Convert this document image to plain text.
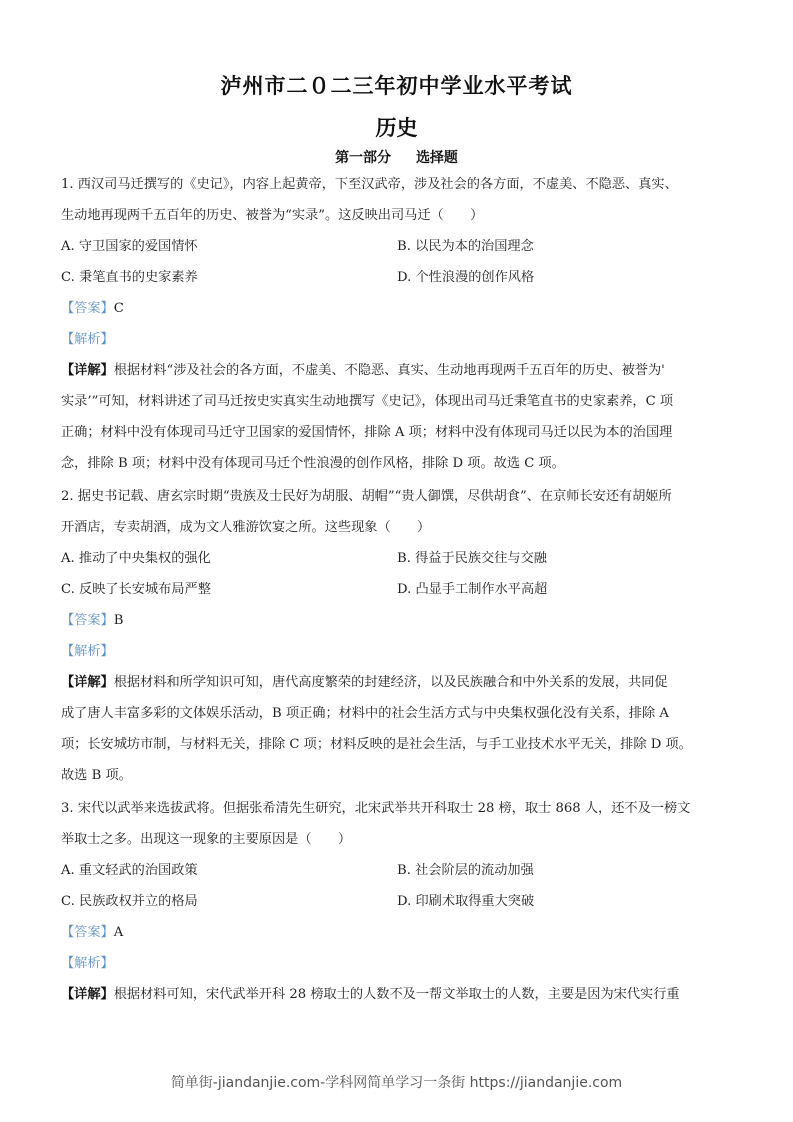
泸州市二０二三年初中学业水平考试
历史
第一部分 选择题
1. 西汉司马迁撰写的《史记》，内容上起黄帝，下至汉武帝，涉及社会的各方面，不虚美、不隐恶、真实、
生动地再现两千五百年的历史、被誉为“实录”。这反映出司马迁（　　）
A. 守卫国家的爱国情怀	B. 以民为本的治国理念
C. 秉笔直书的史家素养	D. 个性浪漫的创作风格
【答案】C
【解析】
【详解】根据材料“涉及社会的各方面，不虚美、不隐恶、真实、生动地再现两千五百年的历史、被誉为'
实录’”可知，材料讲述了司马迁按史实真实生动地撰写《史记》，体现出司马迁秉笔直书的史家素养，C 项
正确；材料中没有体现司马迁守卫国家的爱国情怀，排除 A 项；材料中没有体现司马迁以民为本的治国理
念，排除 B 项；材料中没有体现司马迁个性浪漫的创作风格，排除 D 项。故选 C 项。
2. 据史书记载、唐玄宗时期“贵族及士民好为胡服、胡帽”“贵人御馔，尽供胡食”、在京师长安还有胡姬所
开酒店，专卖胡酒，成为文人雅游饮宴之所。这些现象（　　）
A. 推动了中央集权的强化	B. 得益于民族交往与交融
C. 反映了长安城布局严整	D. 凸显手工制作水平高超
【答案】B
【解析】
【详解】根据材料和所学知识可知，唐代高度繁荣的封建经济，以及民族融合和中外关系的发展，共同促
成了唐人丰富多彩的文体娱乐活动，B 项正确；材料中的社会生活方式与中央集权强化没有关系，排除 A
项；长安城坊市制，与材料无关，排除 C 项；材料反映的是社会生活，与手工业技术水平无关，排除 D 项。
故选 B 项。
3. 宋代以武举来选拔武将。但据张希清先生研究，北宋武举共开科取士 28 榜，取士 868 人，还不及一榜文
举取士之多。出现这一现象的主要原因是（　　）
A. 重文轻武的治国政策	B. 社会阶层的流动加强
C. 民族政权并立的格局	D. 印刷术取得重大突破
【答案】A
【解析】
【详解】根据材料可知，宋代武举开科 28 榜取士的人数不及一帮文举取士的人数，主要是因为宋代实行重
简单街-jiandanjie.com-学科网简单学习一条街 https://jiandanjie.com
